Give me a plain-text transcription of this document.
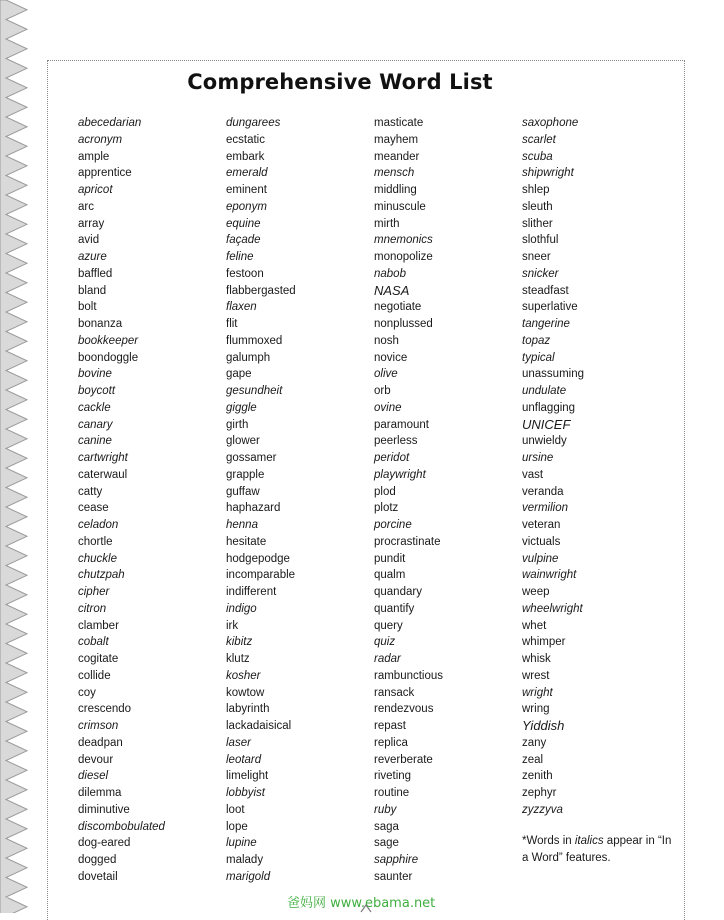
Comprehensive Word List
abecedarian
acronym
ample
apprentice
apricot
arc
array
avid
azure
baffled
bland
bolt
bonanza
bookkeeper
boondoggle
bovine
boycott
cackle
canary
canine
cartwright
caterwaul
catty
cease
celadon
chortle
chuckle
chutzpah
cipher
citron
clamber
cobalt
cogitate
collide
coy
crescendo
crimson
deadpan
devour
diesel
dilemma
diminutive
discombobulated
dog-eared
dogged
dovetail
dungarees
ecstatic
embark
emerald
eminent
eponym
equine
façade
feline
festoon
flabbergasted
flaxen
flit
flummoxed
galumph
gape
gesundheit
giggle
girth
glower
gossamer
grapple
guffaw
haphazard
henna
hesitate
hodgepodge
incomparable
indifferent
indigo
irk
kibitz
klutz
kosher
kowtow
labyrinth
lackadaisical
laser
leotard
limelight
lobbyist
loot
lope
lupine
malady
marigold
masticate
mayhem
meander
mensch
middling
minuscule
mirth
mnemonics
monopolize
nabob
NASA
negotiate
nonplussed
nosh
novice
olive
orb
ovine
paramount
peerless
peridot
playwright
plod
plotz
porcine
procrastinate
pundit
qualm
quandary
quantify
query
quiz
radar
rambunctious
ransack
rendezvous
repast
replica
reverberate
riveting
routine
ruby
saga
sage
sapphire
saunter
saxophone
scarlet
scuba
shipwright
shlep
sleuth
slither
slothful
sneer
snicker
steadfast
superlative
tangerine
topaz
typical
unassuming
undulate
unflagging
UNICEF
unwieldy
ursine
vast
veranda
vermilion
veteran
victuals
vulpine
wainwright
weep
wheelwright
whet
whimper
whisk
wrest
wright
wring
Yiddish
zany
zeal
zenith
zephyr
zyzzyva

*Words in italics appear in “In a Word” features.

爸妈网 www.ebama.net
